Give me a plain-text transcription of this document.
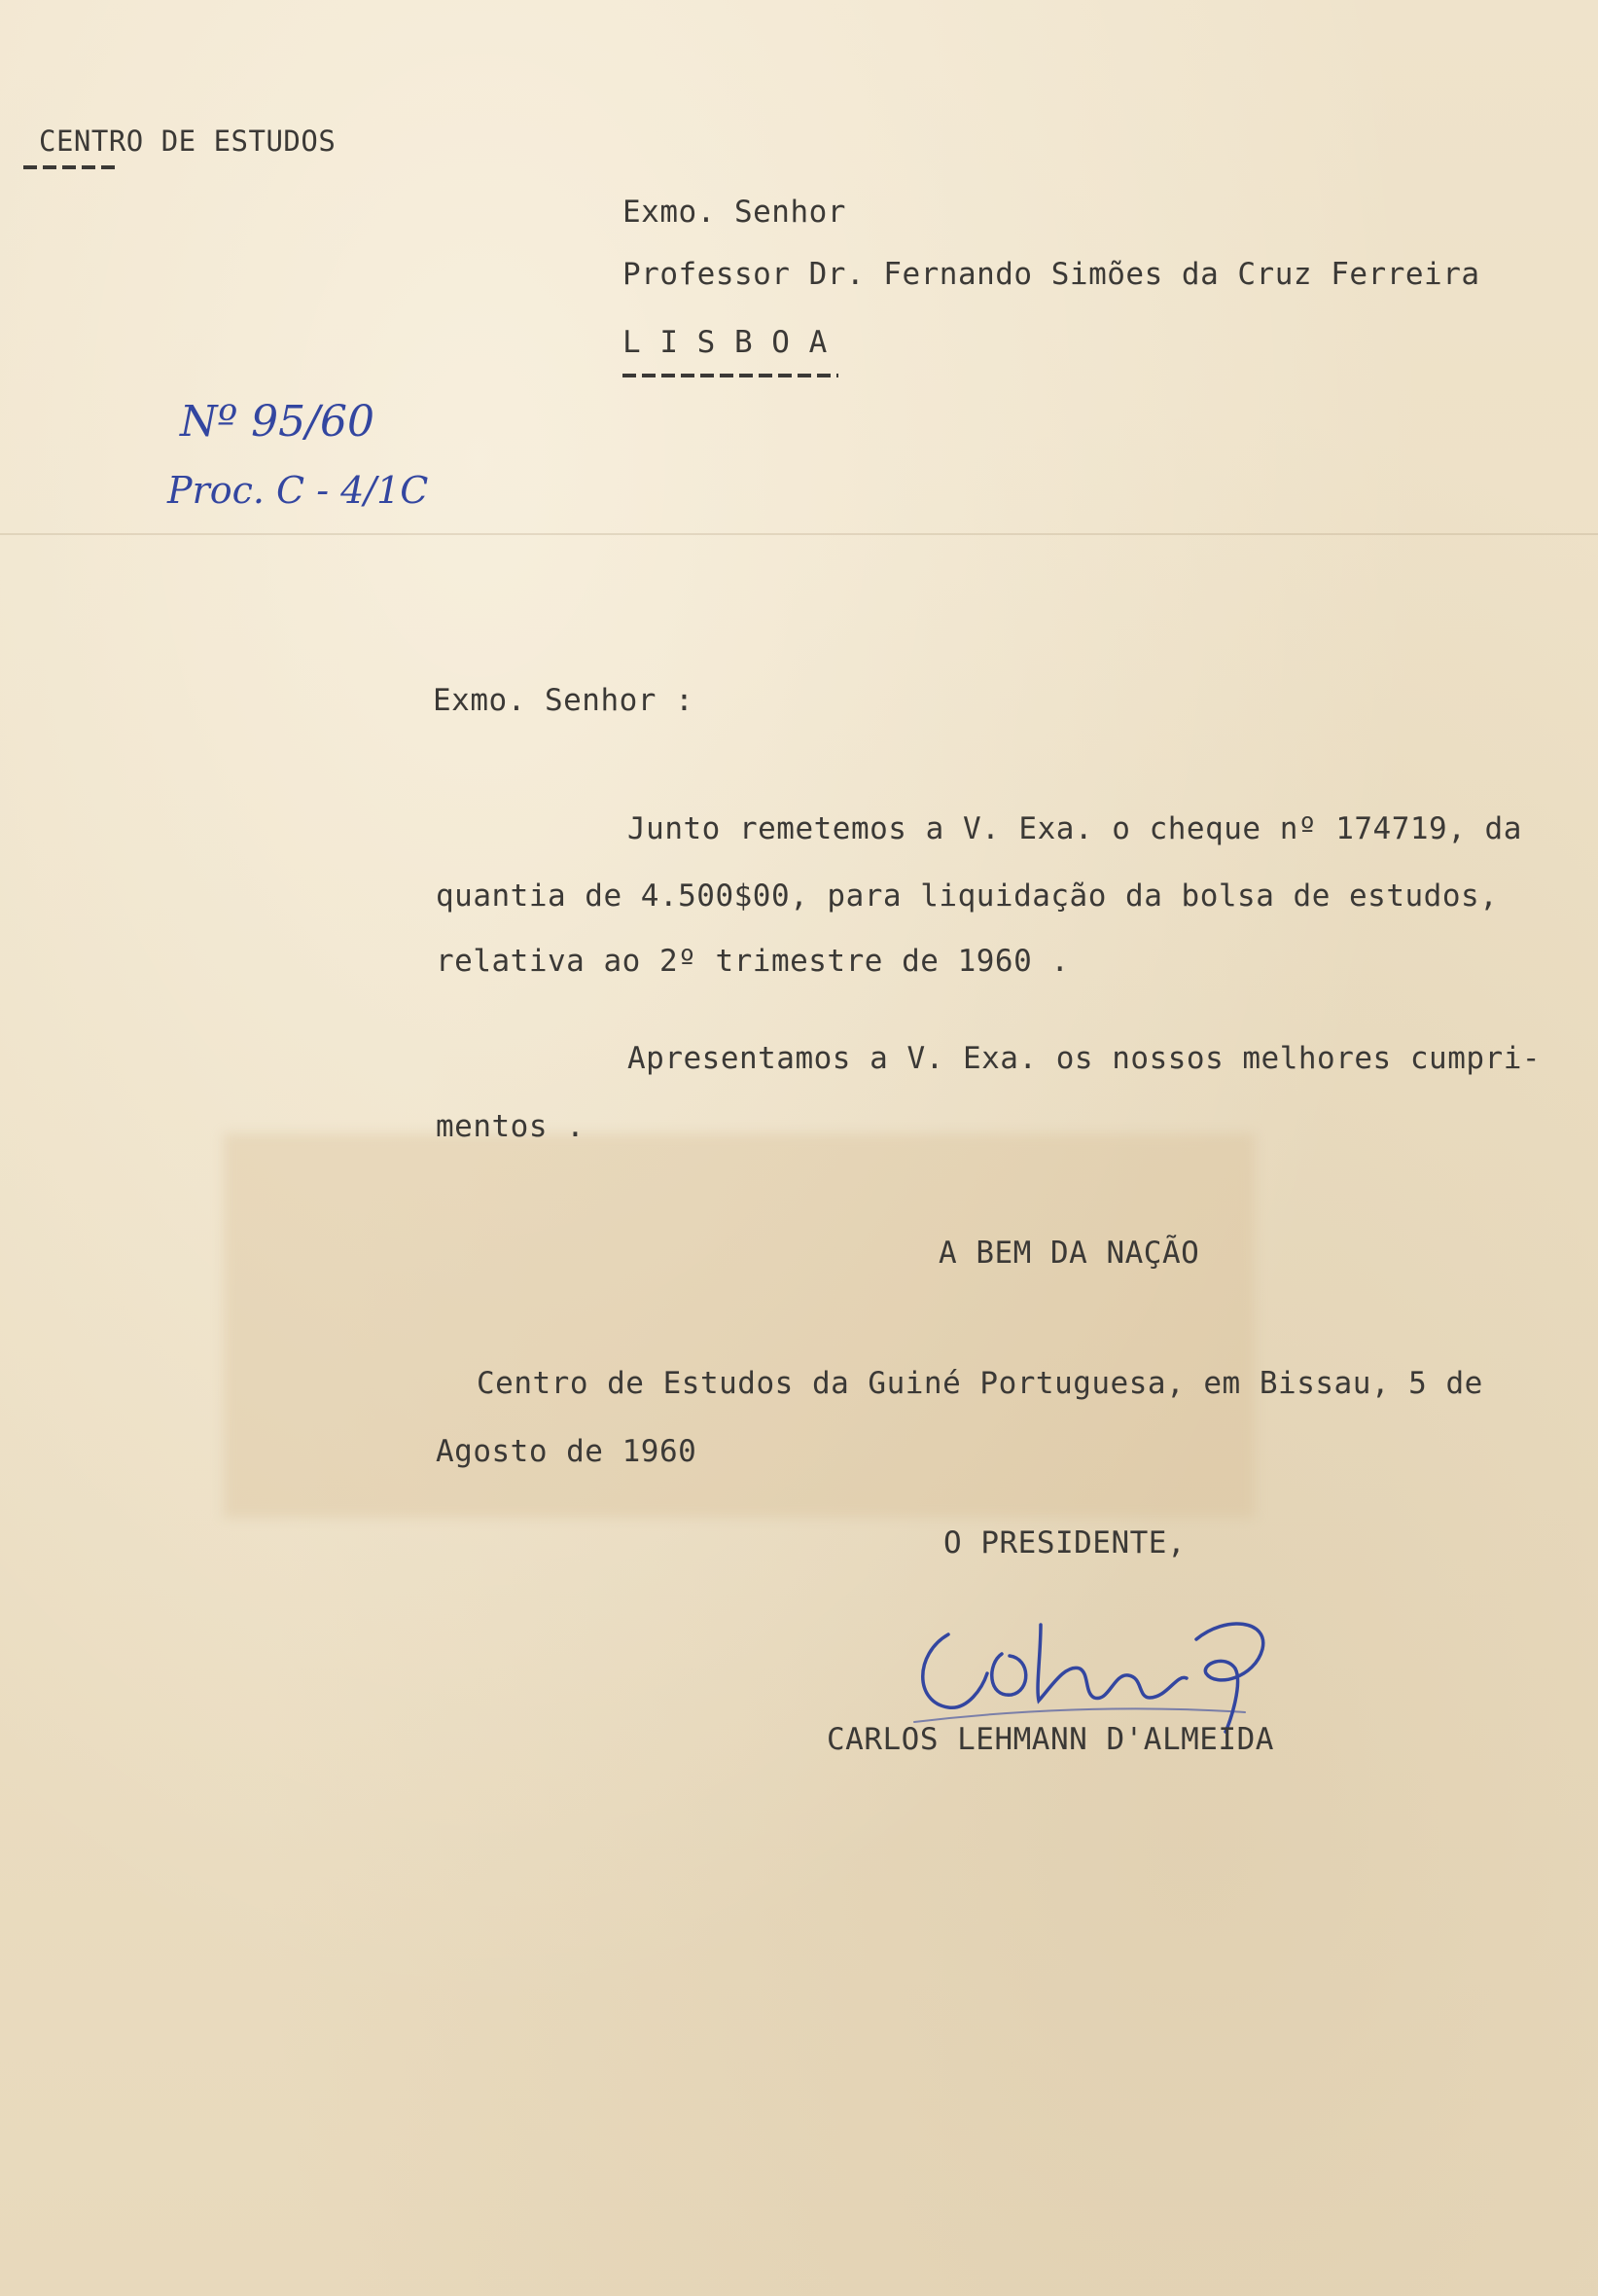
CENTRO DE ESTUDOS
Exmo. Senhor
Professor Dr. Fernando Simões da Cruz Ferreira
L I S B O A
Nº 95/60
Proc. C - 4/1C
Exmo. Senhor :
Junto remetemos a V. Exa. o cheque nº 174719, da
quantia de 4.500$00, para liquidação da bolsa de estudos,
relativa ao 2º trimestre de 1960 .
Apresentamos a V. Exa. os nossos melhores cumpri-
mentos .
A BEM DA NAÇÃO
Centro de Estudos da Guiné Portuguesa, em Bissau, 5 de
Agosto de 1960
O PRESIDENTE,
CARLOS LEHMANN D'ALMEIDA
